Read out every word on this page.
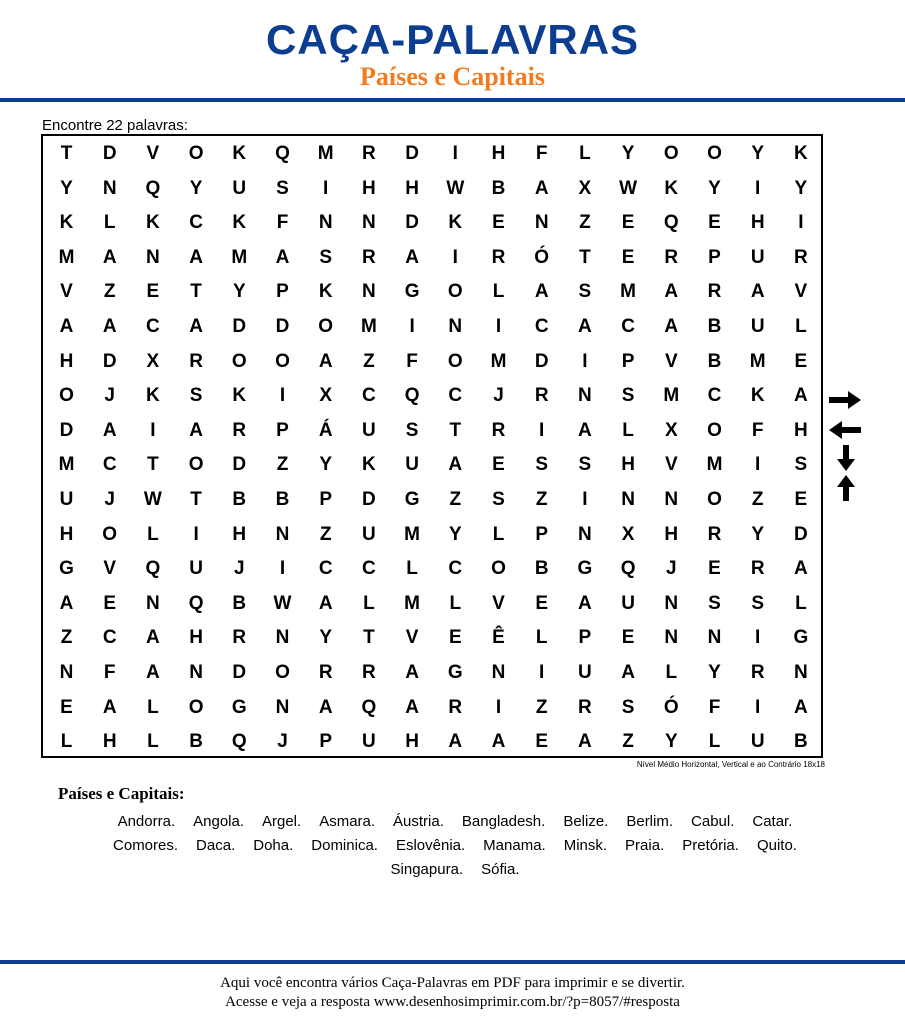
CAÇA-PALAVRAS
Países e Capitais
Encontre 22 palavras:
T	D	V	O	K	Q	M	R	D	I	H	F	L	Y	O	O	Y	K
Y	N	Q	Y	U	S	I	H	H	W	B	A	X	W	K	Y	I	Y
K	L	K	C	K	F	N	N	D	K	E	N	Z	E	Q	E	H	I
M	A	N	A	M	A	S	R	A	I	R	Ó	T	E	R	P	U	R
V	Z	E	T	Y	P	K	N	G	O	L	A	S	M	A	R	A	V
A	A	C	A	D	D	O	M	I	N	I	C	A	C	A	B	U	L
H	D	X	R	O	O	A	Z	F	O	M	D	I	P	V	B	M	E
O	J	K	S	K	I	X	C	Q	C	J	R	N	S	M	C	K	A
D	A	I	A	R	P	Á	U	S	T	R	I	A	L	X	O	F	H
M	C	T	O	D	Z	Y	K	U	A	E	S	S	H	V	M	I	S
U	J	W	T	B	B	P	D	G	Z	S	Z	I	N	N	O	Z	E
H	O	L	I	H	N	Z	U	M	Y	L	P	N	X	H	R	Y	D
G	V	Q	U	J	I	C	C	L	C	O	B	G	Q	J	E	R	A
A	E	N	Q	B	W	A	L	M	L	V	E	A	U	N	S	S	L
Z	C	A	H	R	N	Y	T	V	E	Ê	L	P	E	N	N	I	G
N	F	A	N	D	O	R	R	A	G	N	I	U	A	L	Y	R	N
E	A	L	O	G	N	A	Q	A	R	I	Z	R	S	Ó	F	I	A
L	H	L	B	Q	J	P	U	H	A	A	E	A	Z	Y	L	U	B
Nível Médio Horizontal, Vertical e ao Contrário 18x18
Países e Capitais:
Andorra. Angola. Argel. Asmara. Áustria. Bangladesh. Belize. Berlim. Cabul. Catar.
Comores. Daca. Doha. Dominica. Eslovênia. Manama. Minsk. Praia. Pretória. Quito.
Singapura. Sófia.
Aqui você encontra vários Caça-Palavras em PDF para imprimir e se divertir.
Acesse e veja a resposta www.desenhosimprimir.com.br/?p=8057/#resposta
